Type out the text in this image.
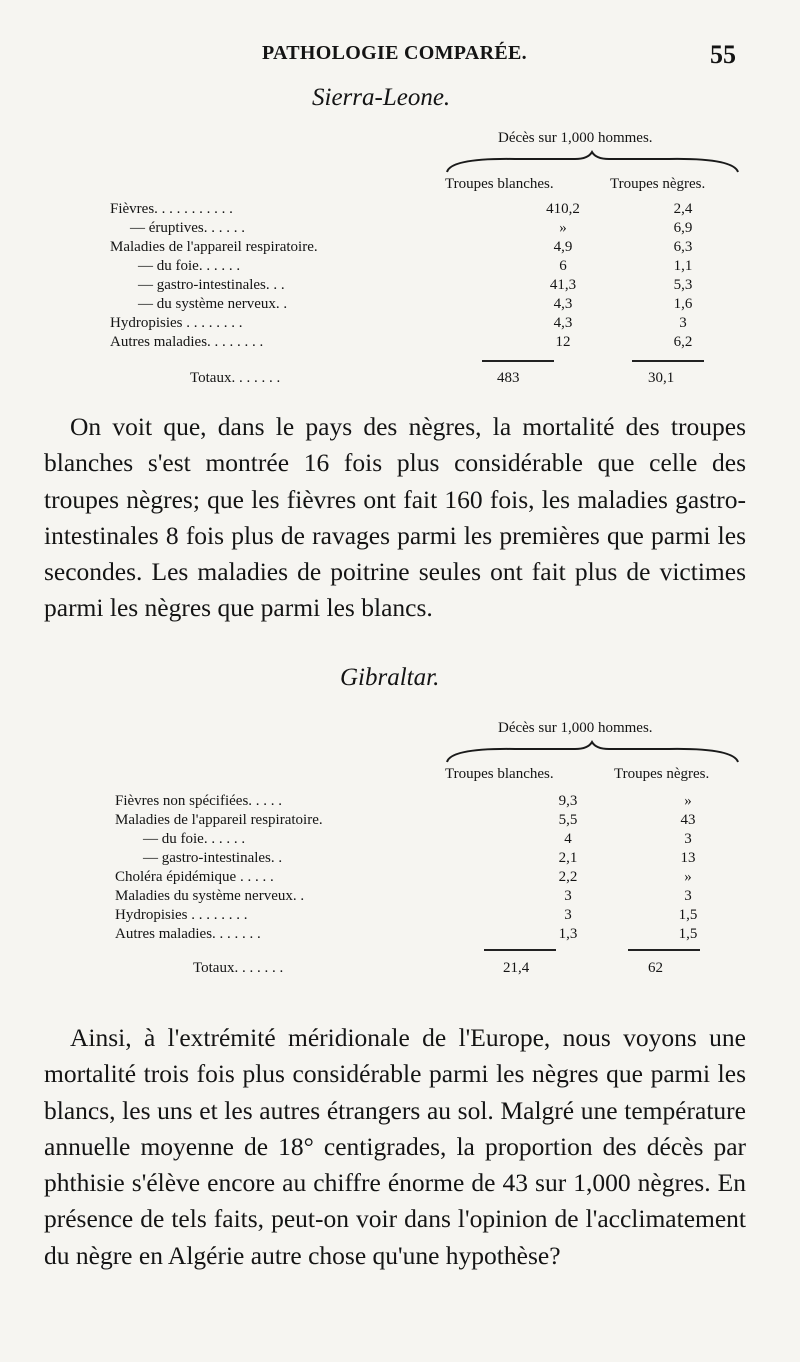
PATHOLOGIE COMPARÉE.	55
Sierra-Leone.
Décès sur 1,000 hommes.
Troupes blanches.	Troupes nègres.
Fièvres. . . . . . . . . . .	410,2	2,4
— éruptives. . . . . .	»	6,9
Maladies de l'appareil respiratoire.	4,9	6,3
— du foie. . . . . .	6	1,1
— gastro-intestinales. . .	41,3	5,3
— du système nerveux. .	4,3	1,6
Hydropisies . . . . . . . .	4,3	3
Autres maladies. . . . . . . .	12	6,2
Totaux. . . . . . .	483	30,1

On voit que, dans le pays des nègres, la mortalité des troupes blanches s'est montrée 16 fois plus considérable que celle des troupes nègres; que les fièvres ont fait 160 fois, les maladies gastro-intestinales 8 fois plus de ravages parmi les premières que parmi les secondes. Les maladies de poitrine seules ont fait plus de victimes parmi les nègres que parmi les blancs.

Gibraltar.
Décès sur 1,000 hommes.
Troupes blanches.	Troupes nègres.
Fièvres non spécifiées. . . . .	9,3	»
Maladies de l'appareil respiratoire.	5,5	43
— du foie. . . . . .	4	3
— gastro-intestinales. .	2,1	13
Choléra épidémique . . . . .	2,2	»
Maladies du système nerveux. .	3	3
Hydropisies . . . . . . . .	3	1,5
Autres maladies. . . . . . .	1,3	1,5
Totaux. . . . . . .	21,4	62

Ainsi, à l'extrémité méridionale de l'Europe, nous voyons une mortalité trois fois plus considérable parmi les nègres que parmi les blancs, les uns et les autres étrangers au sol. Malgré une température annuelle moyenne de 18° centigrades, la proportion des décès par phthisie s'élève encore au chiffre énorme de 43 sur 1,000 nègres. En présence de tels faits, peut-on voir dans l'opinion de l'acclimatement du nègre en Algérie autre chose qu'une hypothèse?
